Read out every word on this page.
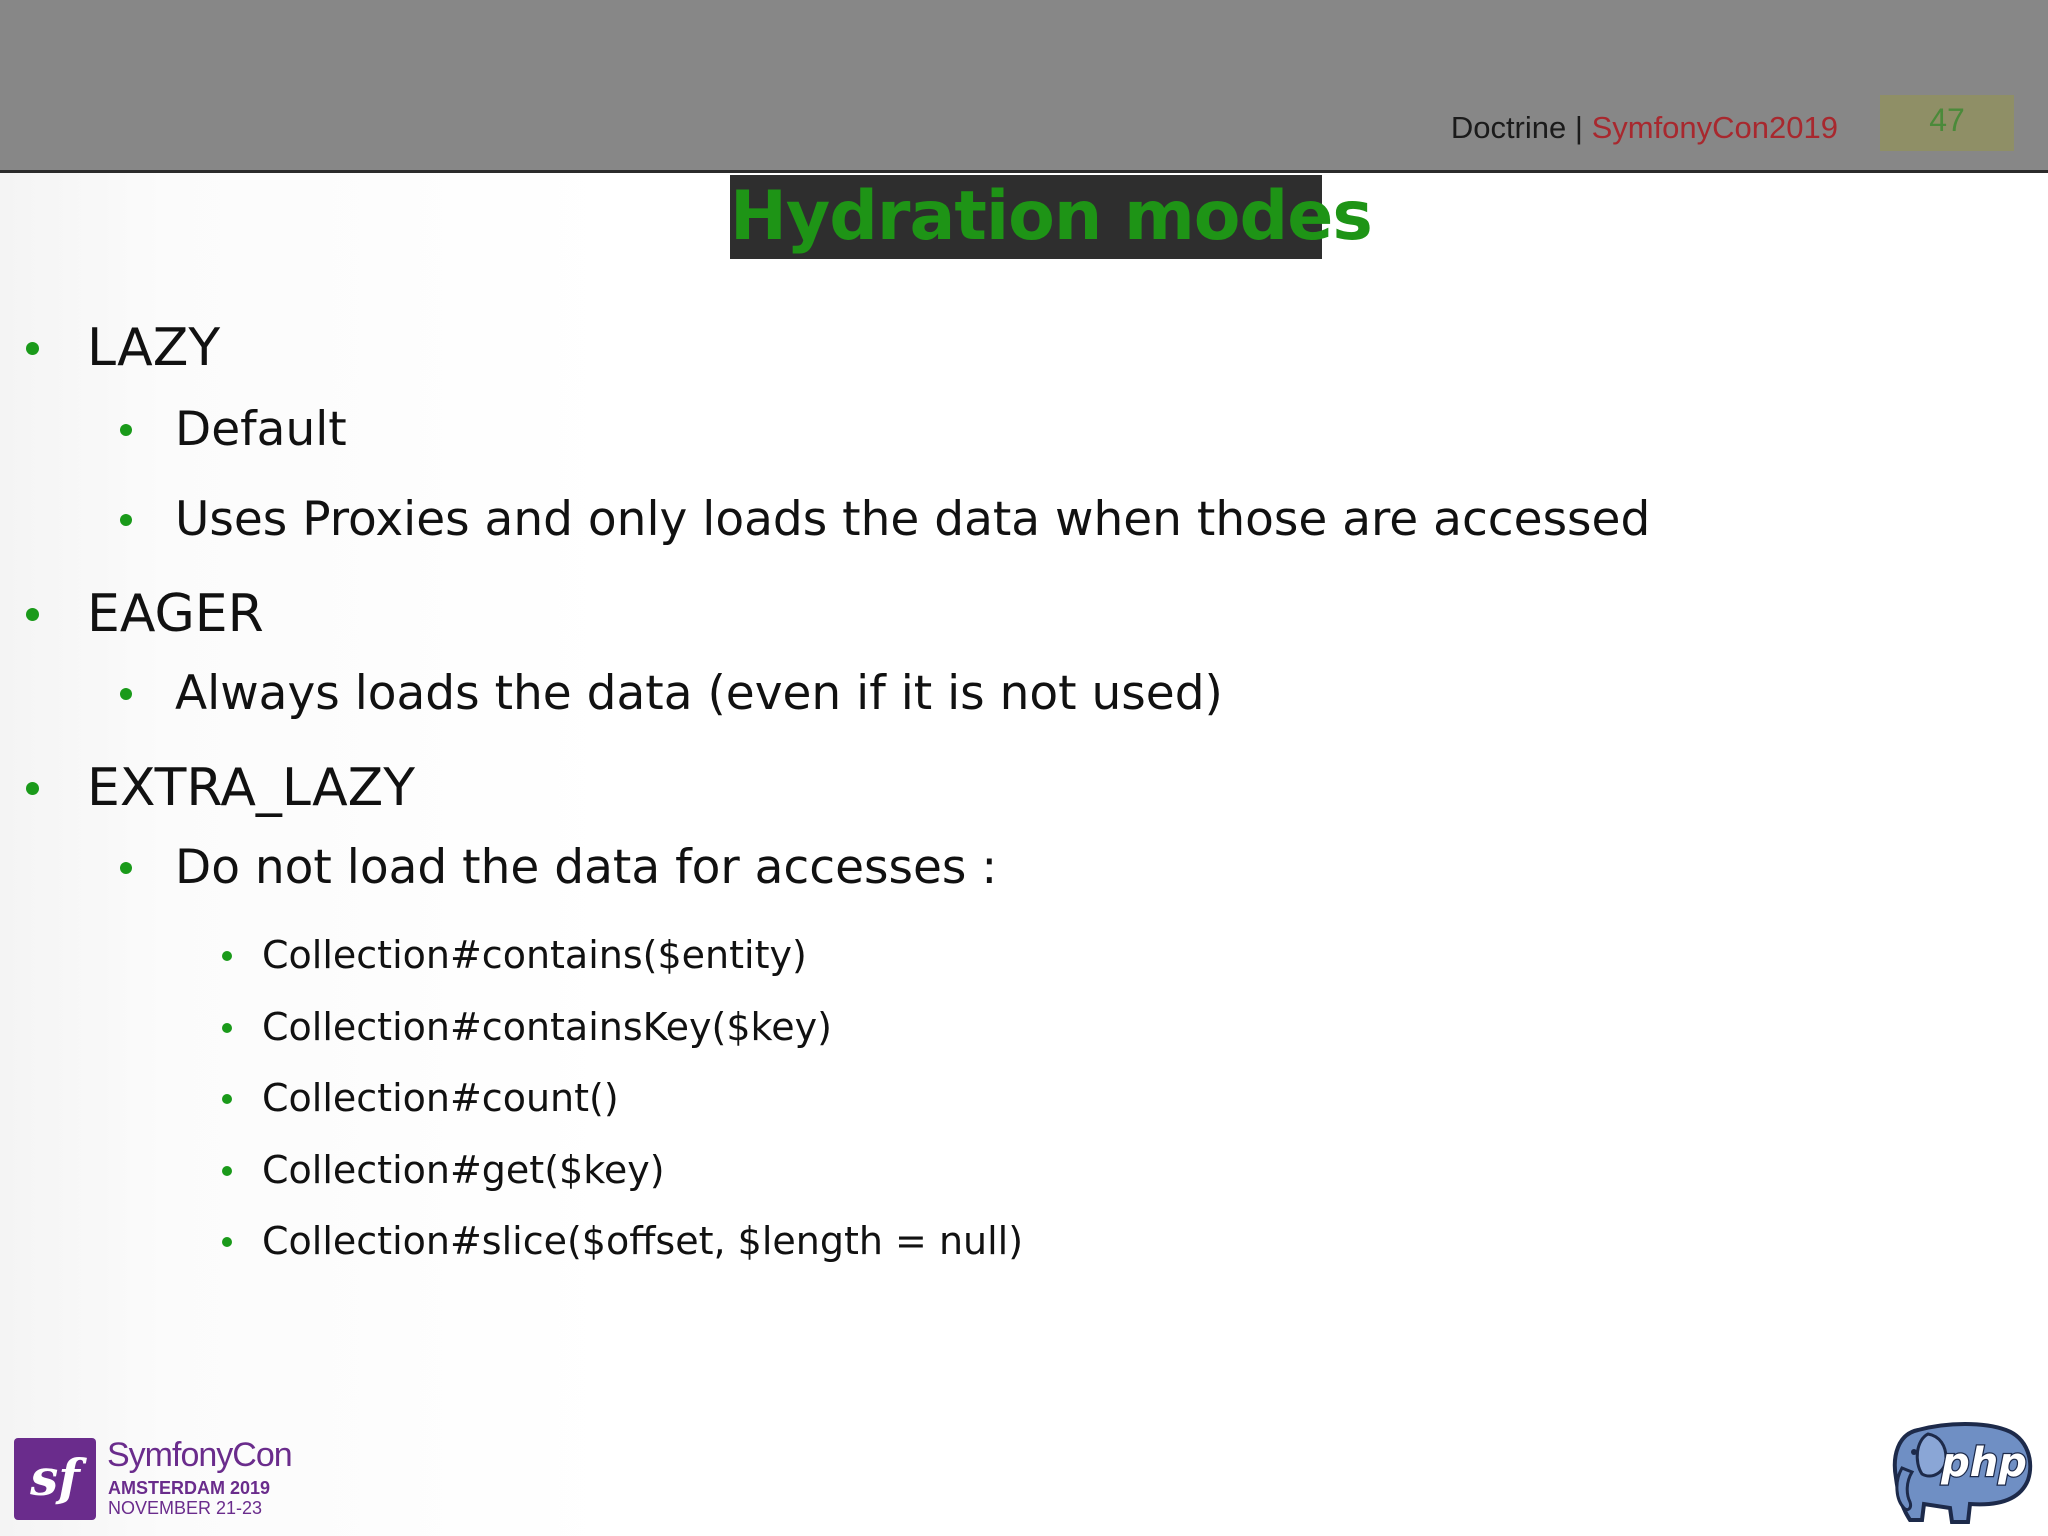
Doctrine | SymfonyCon2019	47
Hydration modes
LAZY
Default
Uses Proxies and only loads the data when those are accessed
EAGER
Always loads the data (even if it is not used)
EXTRA_LAZY
Do not load the data for accesses :
Collection#contains($entity)
Collection#containsKey($key)
Collection#count()
Collection#get($key)
Collection#slice($offset, $length = null)
sf SymfonyCon
AMSTERDAM 2019
NOVEMBER 21-23
php
